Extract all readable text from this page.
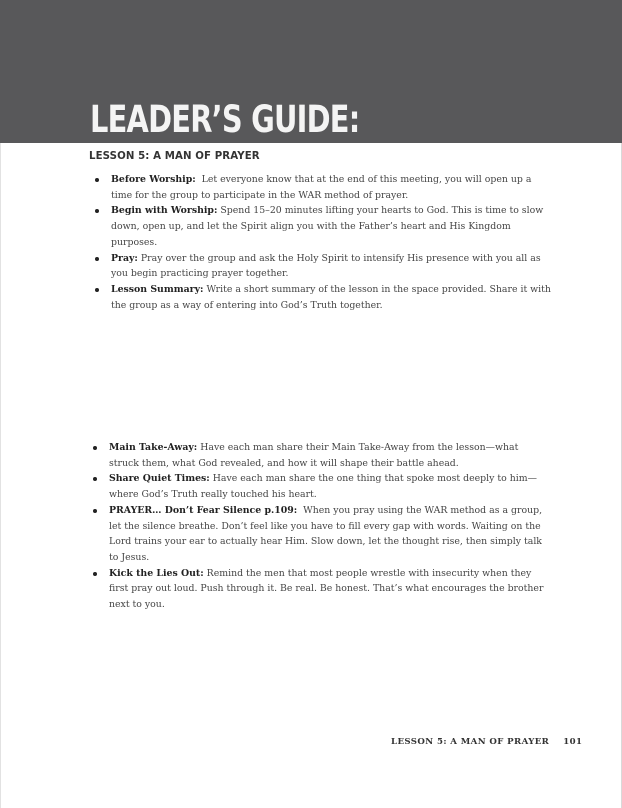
LEADER’S GUIDE:
LESSON 5: A MAN OF PRAYER
Before Worship: Let everyone know that at the end of this meeting, you will open up a time for the group to participate in the WAR method of prayer.
Begin with Worship: Spend 15–20 minutes lifting your hearts to God. This is time to slow down, open up, and let the Spirit align you with the Father’s heart and His Kingdom purposes.
Pray: Pray over the group and ask the Holy Spirit to intensify His presence with you all as you begin practicing prayer together.
Lesson Summary: Write a short summary of the lesson in the space provided. Share it with the group as a way of entering into God’s Truth together.
Main Take-Away: Have each man share their Main Take-Away from the lesson—what struck them, what God revealed, and how it will shape their battle ahead.
Share Quiet Times: Have each man share the one thing that spoke most deeply to him—where God’s Truth really touched his heart.
PRAYER… Don’t Fear Silence p.109: When you pray using the WAR method as a group, let the silence breathe. Don’t feel like you have to fill every gap with words. Waiting on the Lord trains your ear to actually hear Him. Slow down, let the thought rise, then simply talk to Jesus.
Kick the Lies Out: Remind the men that most people wrestle with insecurity when they first pray out loud. Push through it. Be real. Be honest. That’s what encourages the brother next to you.
LESSON 5: A MAN OF PRAYER 101
